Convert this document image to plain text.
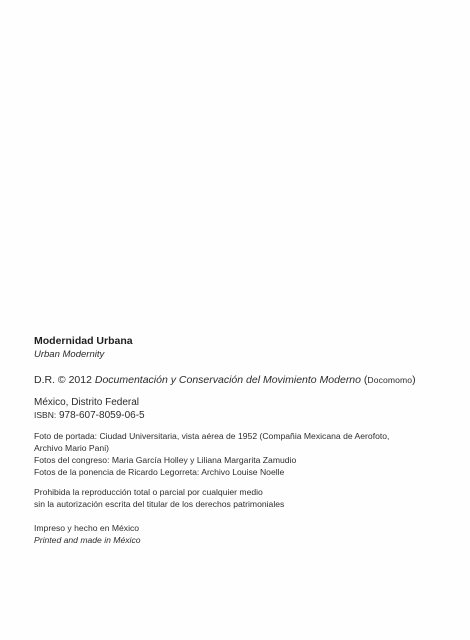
Modernidad Urbana
Urban Modernity
D.R. © 2012 Documentación y Conservación del Movimiento Moderno (Docomomo)
México, Distrito Federal
ISBN: 978-607-8059-06-5
Foto de portada: Ciudad Universitaria, vista aérea de 1952 (Compañia Mexicana de Aerofoto,
Archivo Mario Pani)
Fotos del congreso: Maria García Holley y Liliana Margarita Zamudio
Fotos de la ponencia de Ricardo Legorreta: Archivo Louise Noelle
Prohibida la reproducción total o parcial por cualquier medio
sin la autorización escrita del titular de los derechos patrimoniales
Impreso y hecho en México
Printed and made in México
